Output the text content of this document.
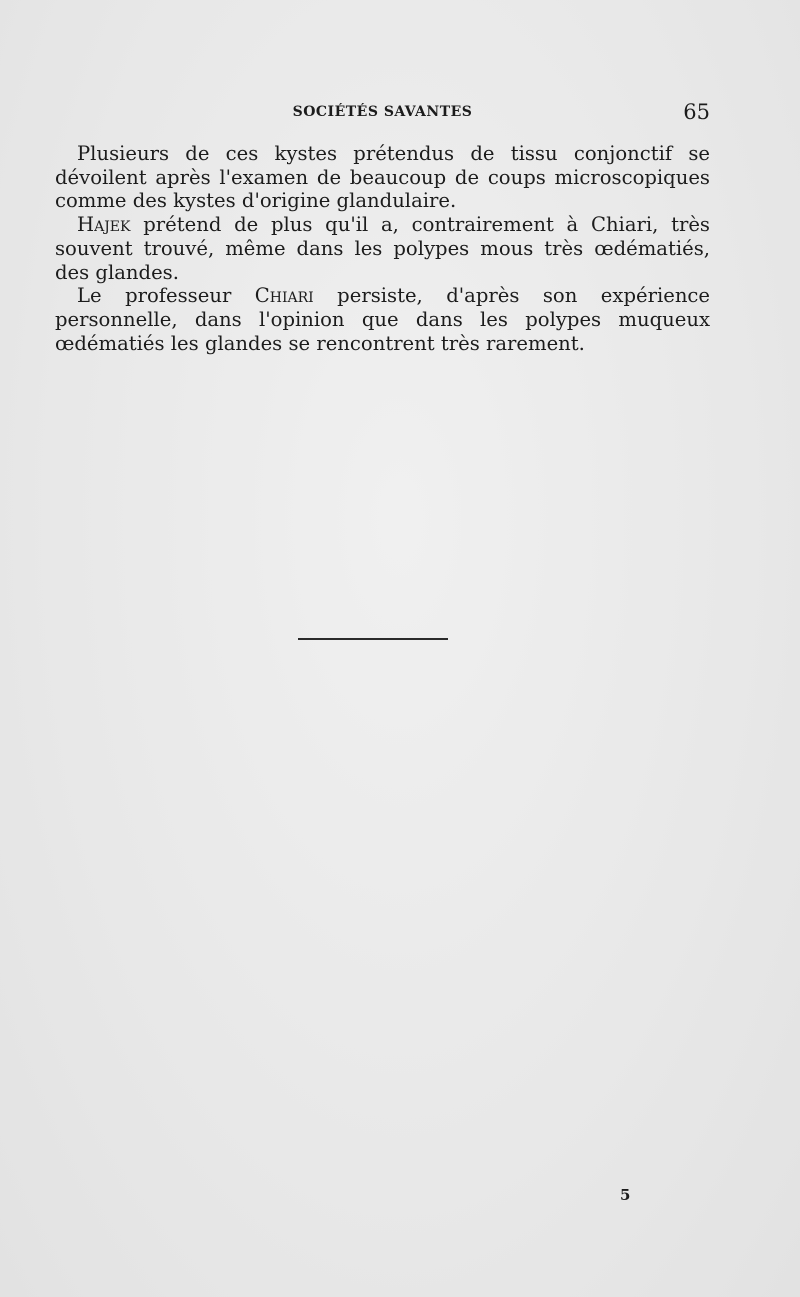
SOCIÉTÉS SAVANTES	65

Plusieurs de ces kystes prétendus de tissu conjonctif se dévoilent après l'examen de beaucoup de coups microscopiques comme des kystes d'origine glandulaire.

Hajek prétend de plus qu'il a, contrairement à Chiari, très souvent trouvé, même dans les polypes mous très œdématiés, des glandes.

Le professeur Chiari persiste, d'après son expérience personnelle, dans l'opinion que dans les polypes muqueux œdématiés les glandes se rencontrent très rarement.

5
